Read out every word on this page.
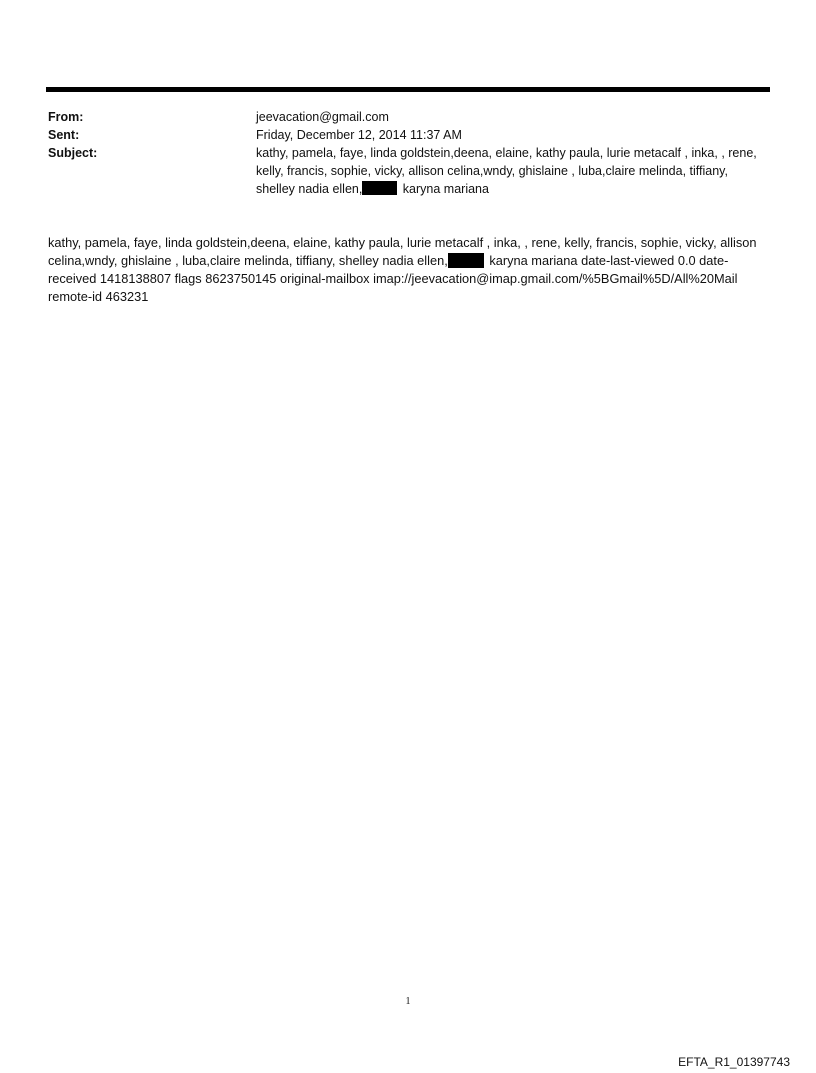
From:	jeevacation@gmail.com
Sent:	Friday, December 12, 2014 11:37 AM
Subject:	kathy, pamela, faye, linda goldstein,deena, elaine, kathy paula, lurie metacalf , inka, , rene, kelly, francis, sophie, vicky, allison celina,wndy, ghislaine , luba,claire melinda, tiffiany, shelley nadia ellen,	karyna mariana
kathy, pamela, faye, linda goldstein,deena, elaine, kathy paula, lurie metacalf , inka, , rene, kelly, francis, sophie, vicky, allison celina,wndy, ghislaine , luba,claire melinda, tiffiany, shelley nadia ellen,	karyna mariana date-last-viewed 0.0 date-received 1418138807 flags 8623750145 original-mailbox imap://jeevacation@imap.gmail.com/%5BGmail%5D/All%20Mail remote-id 463231
1
EFTA_R1_01397743
